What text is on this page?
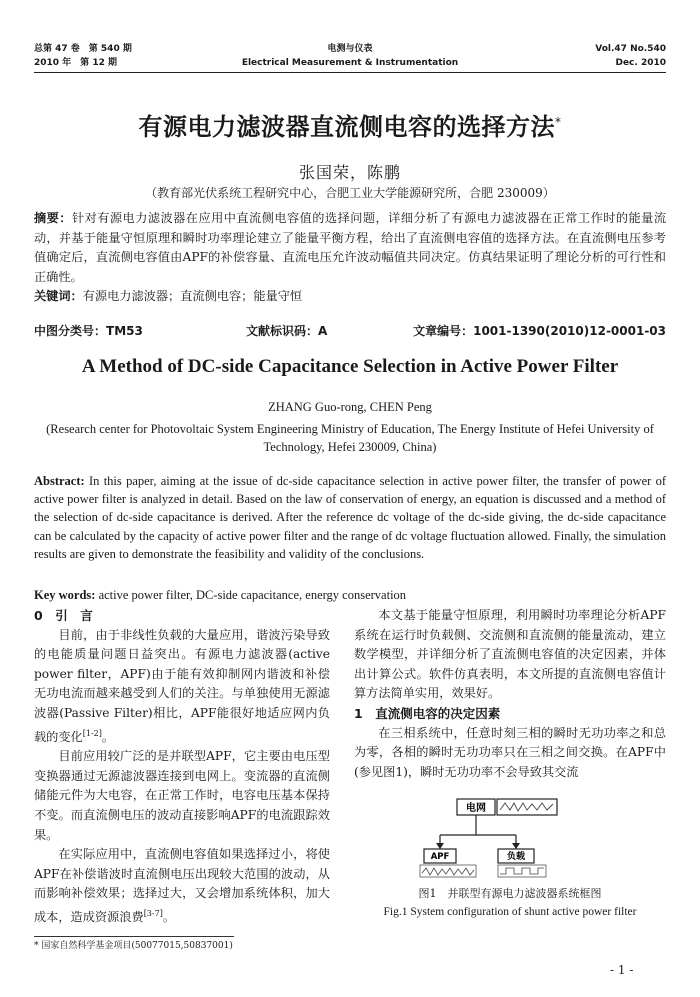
总第 47 卷　第 540 期
2010 年　第 12 期
电测与仪表
Electrical Measurement & Instrumentation
Vol.47 No.540
Dec. 2010
有源电力滤波器直流侧电容的选择方法*
张国荣，陈鹏
（教育部光伏系统工程研究中心，合肥工业大学能源研究所，合肥 230009）
摘要：针对有源电力滤波器在应用中直流侧电容值的选择问题，详细分析了有源电力滤波器在正常工作时的能量流动，并基于能量守恒原理和瞬时功率理论建立了能量平衡方程，给出了直流侧电容值的选择方法。在直流侧电压参考值确定后，直流侧电容值由APF的补偿容量、直流电压允许波动幅值共同决定。仿真结果证明了理论分析的可行性和正确性。
关键词：有源电力滤波器；直流侧电容；能量守恒
中图分类号：TM53	文献标识码：A	文章编号：1001-1390(2010)12-0001-03
A Method of DC-side Capacitance Selection in Active Power Filter
ZHANG Guo-rong, CHEN Peng
(Research center for Photovoltaic System Engineering Ministry of Education, The Energy Institute of Hefei University of Technology, Hefei 230009, China)
Abstract: In this paper, aiming at the issue of dc-side capacitance selection in active power filter, the transfer of power of active power filter is analyzed in detail. Based on the law of conservation of energy, an equation is discussed and a method of the selection of dc-side capacitance is derived. After the reference dc voltage of the dc-side giving, the dc-side capacitance can be calculated by the capacity of active power filter and the range of dc voltage fluctuation allowed. Finally, the simulation results are given to demonstrate the feasibility and validity of the conclusions.
Key words: active power filter, DC-side capacitance, energy conservation
0　引　言

目前，由于非线性负载的大量应用，谐波污染导致的电能质量问题日益突出。有源电力滤波器(active power filter，APF)由于能有效抑制网内谐波和补偿无功电流而越来越受到人们的关注。与单独使用无源滤波器(Passive Filter)相比，APF能很好地适应网内负载的变化[1-2]。

目前应用较广泛的是并联型APF，它主要由电压型变换器通过无源滤波器连接到电网上。变流器的直流侧储能元件为大电容，在正常工作时，电容电压基本保持不变。而直流侧电压的波动直接影响APF的电流跟踪效果。

在实际应用中，直流侧电容值如果选择过小，将使APF在补偿谐波时直流侧电压出现较大范围的波动，从而影响补偿效果；选择过大，又会增加系统体积，加大成本，造成资源浪费[3-7]。

本文基于能量守恒原理，利用瞬时功率理论分析APF系统在运行时负载侧、交流侧和直流侧的能量流动，建立数学模型，并详细分析了直流侧电容值的决定因素，并体出计算公式。软件仿真表明，本文所提的直流侧电容值计算方法简单实用，效果好。

1　直流侧电容的决定因素

在三相系统中，任意时刻三相的瞬时无功功率之和总为零，各相的瞬时无功功率只在三相之间交换。在APF中(参见图1)，瞬时无功功率不会导致其交流

电网
APF	负载
图1　并联型有源电力滤波器系统框图
Fig.1 System configuration of shunt active power filter
* 国家自然科学基金项目(50077015,50837001)
- 1 -
